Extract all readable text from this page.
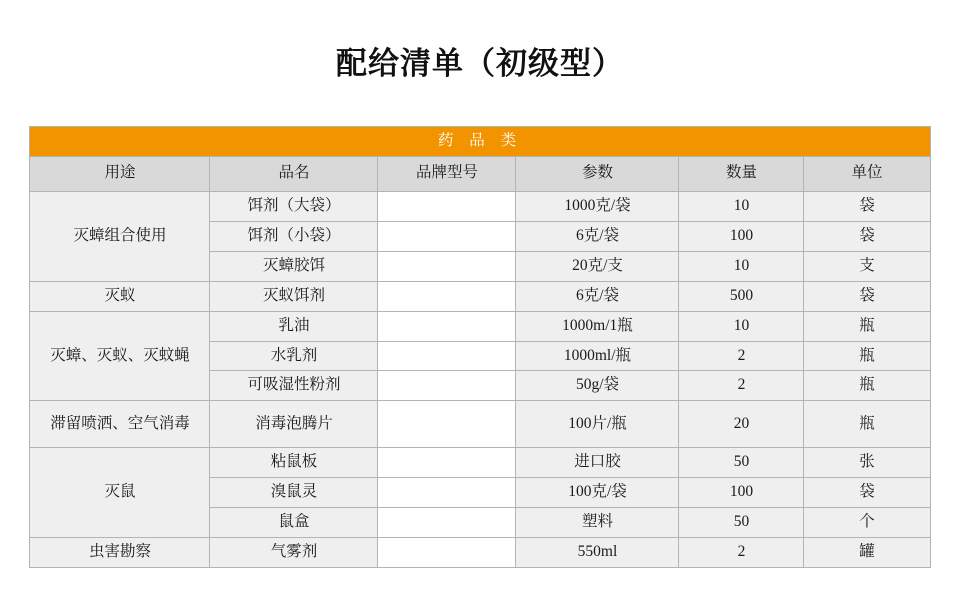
配给清单（初级型）
药 品 类					
用途	品名	品牌型号	参数	数量	单位
灭蟑组合使用	饵剂（大袋）		1000克/袋	10	袋
	饵剂（小袋）		6克/袋	100	袋
	灭蟑胶饵		20克/支	10	支
灭蚁	灭蚁饵剂		6克/袋	500	袋
灭蟑、灭蚁、灭蚊蝇	乳油		1000m/1瓶	10	瓶
	水乳剂		1000ml/瓶	2	瓶
	可吸湿性粉剂		50g/袋	2	瓶
滞留喷洒、空气消毒	消毒泡腾片		100片/瓶	20	瓶
灭鼠	粘鼠板		进口胶	50	张
	溴鼠灵		100克/袋	100	袋
	鼠盒		塑料	50	个
虫害勘察	气雾剂		550ml	2	罐
